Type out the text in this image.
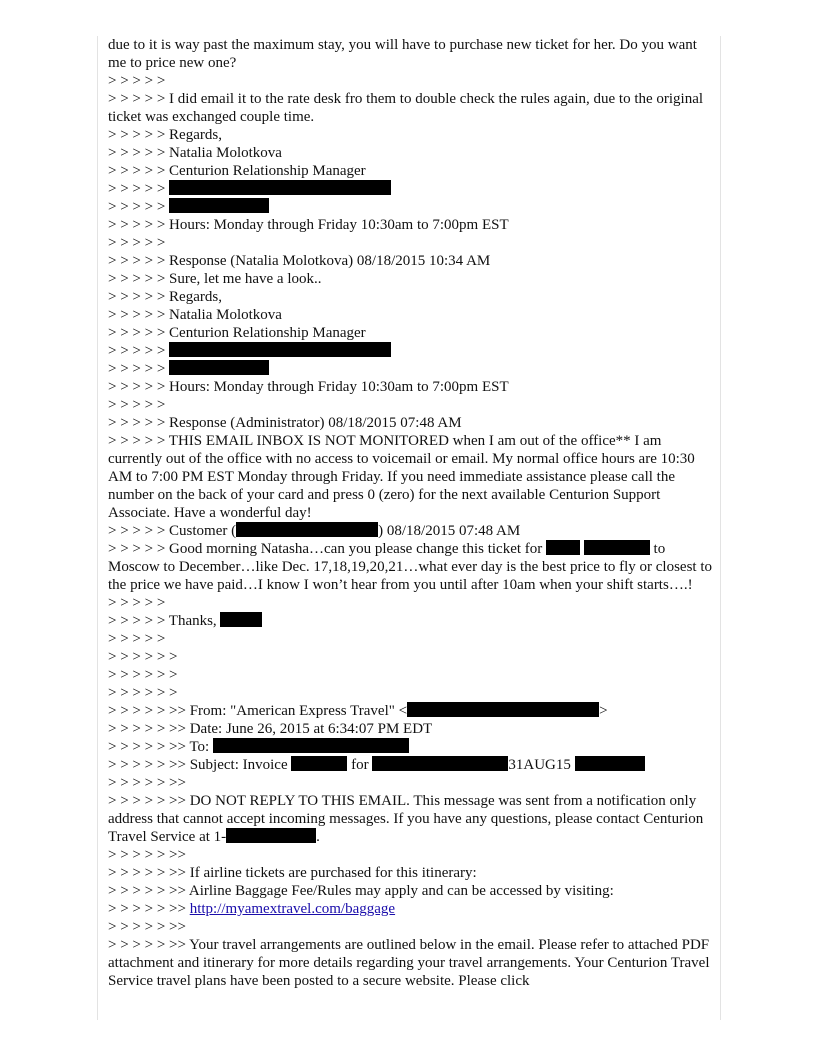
due to it is way past the maximum stay, you will have to purchase new ticket for her. Do you want me to price new one?
> > > > >
> > > > > I did email it to the rate desk fro them to double check the rules again, due to the original ticket was exchanged couple time.
> > > > > Regards,
> > > > > Natalia Molotkova
> > > > > Centurion Relationship Manager
> > > > >
> > > > >
> > > > > Hours: Monday through Friday 10:30am to 7:00pm EST
> > > > >
> > > > > Response (Natalia Molotkova) 08/18/2015 10:34 AM
> > > > > Sure, let me have a look..
> > > > > Regards,
> > > > > Natalia Molotkova
> > > > > Centurion Relationship Manager
> > > > >
> > > > >
> > > > > Hours: Monday through Friday 10:30am to 7:00pm EST
> > > > >
> > > > > Response (Administrator) 08/18/2015 07:48 AM
> > > > > THIS EMAIL INBOX IS NOT MONITORED when I am out of the office** I am currently out of the office with no access to voicemail or email. My normal office hours are 10:30 AM to 7:00 PM EST Monday through Friday. If you need immediate assistance please call the number on the back of your card and press 0 (zero) for the next available Centurion Support Associate. Have a wonderful day!
> > > > > Customer (	) 08/18/2015 07:48 AM
> > > > > Good morning Natasha…can you please change this ticket for	to Moscow to December…like Dec. 17,18,19,20,21…what ever day is the best price to fly or closest to the price we have paid…I know I won’t hear from you until after 10am when your shift starts….!
> > > > >
> > > > > Thanks,
> > > > >
> > > > > >
> > > > > >
> > > > > >
> > > > > >> From: "American Express Travel" <	>
> > > > > >> Date: June 26, 2015 at 6:34:07 PM EDT
> > > > > >> To:
> > > > > >> Subject: Invoice	for	31AUG15
> > > > > >>
> > > > > >> DO NOT REPLY TO THIS EMAIL. This message was sent from a notification only address that cannot accept incoming messages. If you have any questions, please contact Centurion Travel Service at 1-	.
> > > > > >>
> > > > > >> If airline tickets are purchased for this itinerary:
> > > > > >> Airline Baggage Fee/Rules may apply and can be accessed by visiting:
> > > > > >> http://myamextravel.com/baggage
> > > > > >>
> > > > > >> Your travel arrangements are outlined below in the email. Please refer to attached PDF attachment and itinerary for more details regarding your travel arrangements. Your Centurion Travel Service travel plans have been posted to a secure website. Please click
